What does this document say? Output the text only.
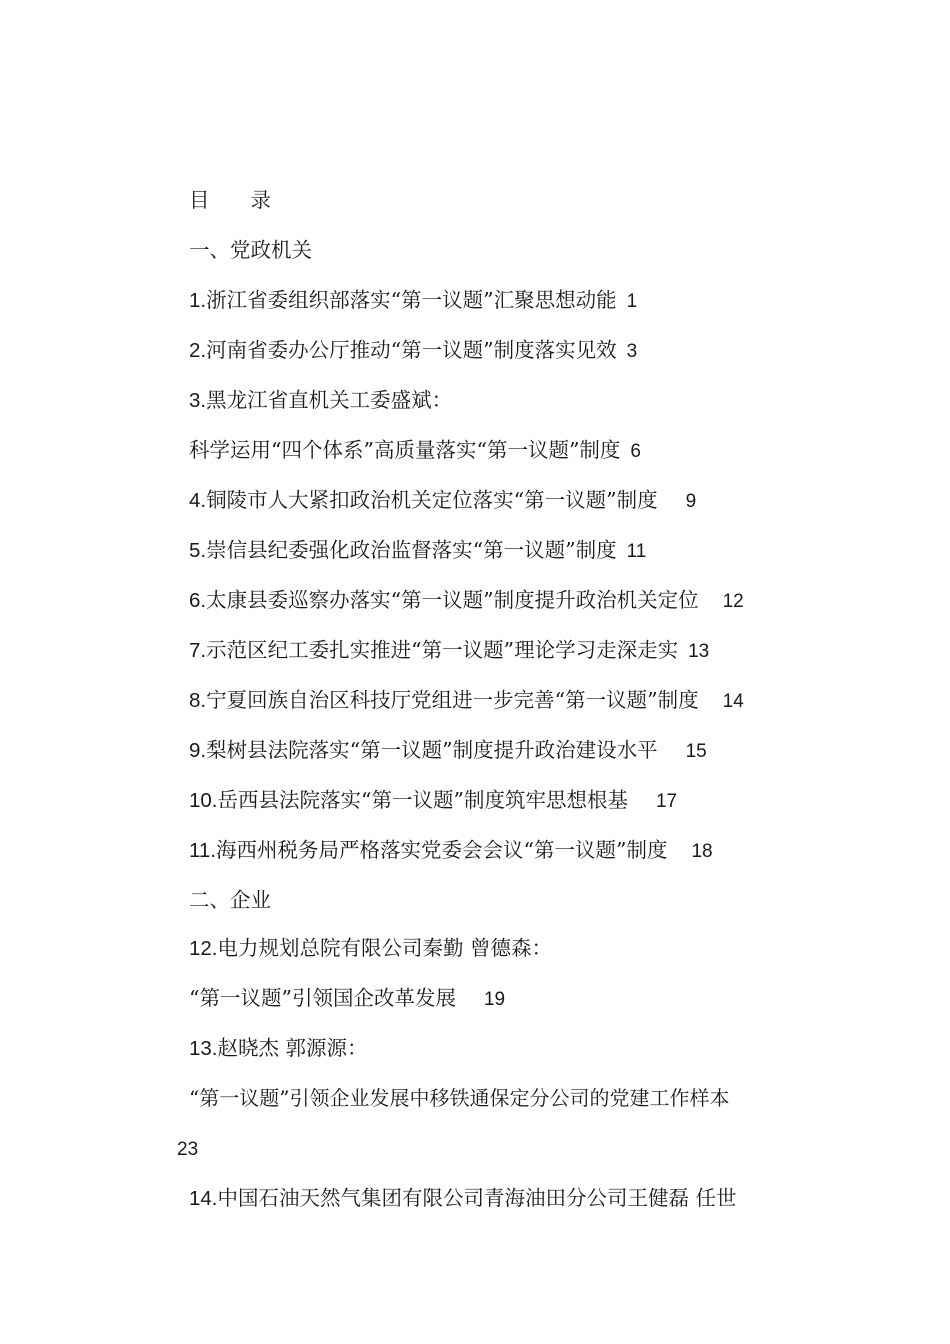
目　　录
一、党政机关
1.浙江省委组织部落实“第一议题”汇聚思想动能 1
2.河南省委办公厅推动“第一议题”制度落实见效 3
3.黑龙江省直机关工委盛斌：
科学运用“四个体系”高质量落实“第一议题”制度 6
4.铜陵市人大紧扣政治机关定位落实“第一议题”制度 9
5.崇信县纪委强化政治监督落实“第一议题”制度 11
6.太康县委巡察办落实“第一议题”制度提升政治机关定位 12
7.示范区纪工委扎实推进“第一议题”理论学习走深走实 13
8.宁夏回族自治区科技厅党组进一步完善“第一议题”制度 14
9.梨树县法院落实“第一议题”制度提升政治建设水平 15
10.岳西县法院落实“第一议题”制度筑牢思想根基 17
11.海西州税务局严格落实党委会会议“第一议题”制度 18
二、企业
12.电力规划总院有限公司秦勤 曾德森：
“第一议题”引领国企改革发展 19
13.赵晓杰 郭源源：
“第一议题”引领企业发展中移铁通保定分公司的党建工作样本
23
14.中国石油天然气集团有限公司青海油田分公司王健磊 任世
